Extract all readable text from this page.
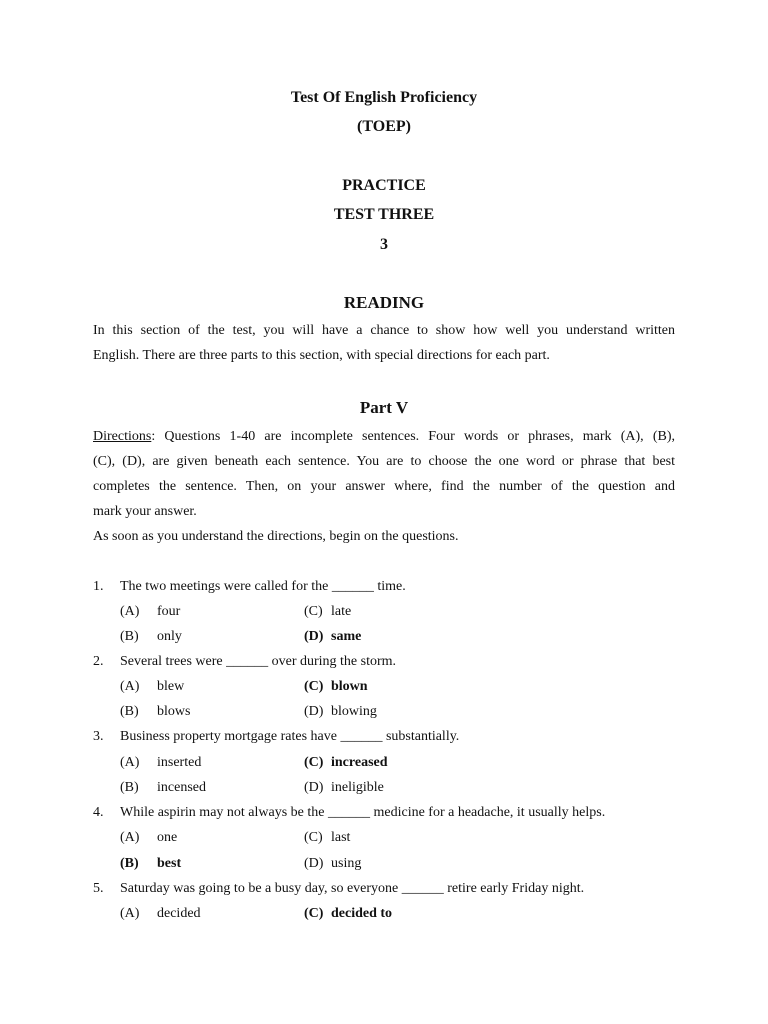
Test Of English Proficiency
(TOEP)
PRACTICE
TEST THREE
3
READING
In this section of the test, you will have a chance to show how well you understand written
English. There are three parts to this section, with special directions for each part.
Part V
Directions: Questions 1-40 are incomplete sentences. Four words or phrases, mark (A), (B),
(C), (D), are given beneath each sentence. You are to choose the one word or phrase that best
completes the sentence. Then, on your answer where, find the number of the question and
mark your answer.
As soon as you understand the directions, begin on the questions.
1. The two meetings were called for the ______ time.
(A) four	(C) late
(B) only	(D) same
2. Several trees were ______ over during the storm.
(A) blew	(C) blown
(B) blows	(D) blowing
3. Business property mortgage rates have ______ substantially.
(A) inserted	(C) increased
(B) incensed	(D) ineligible
4. While aspirin may not always be the ______ medicine for a headache, it usually helps.
(A) one	(C) last
(B) best	(D) using
5. Saturday was going to be a busy day, so everyone ______ retire early Friday night.
(A) decided	(C) decided to
